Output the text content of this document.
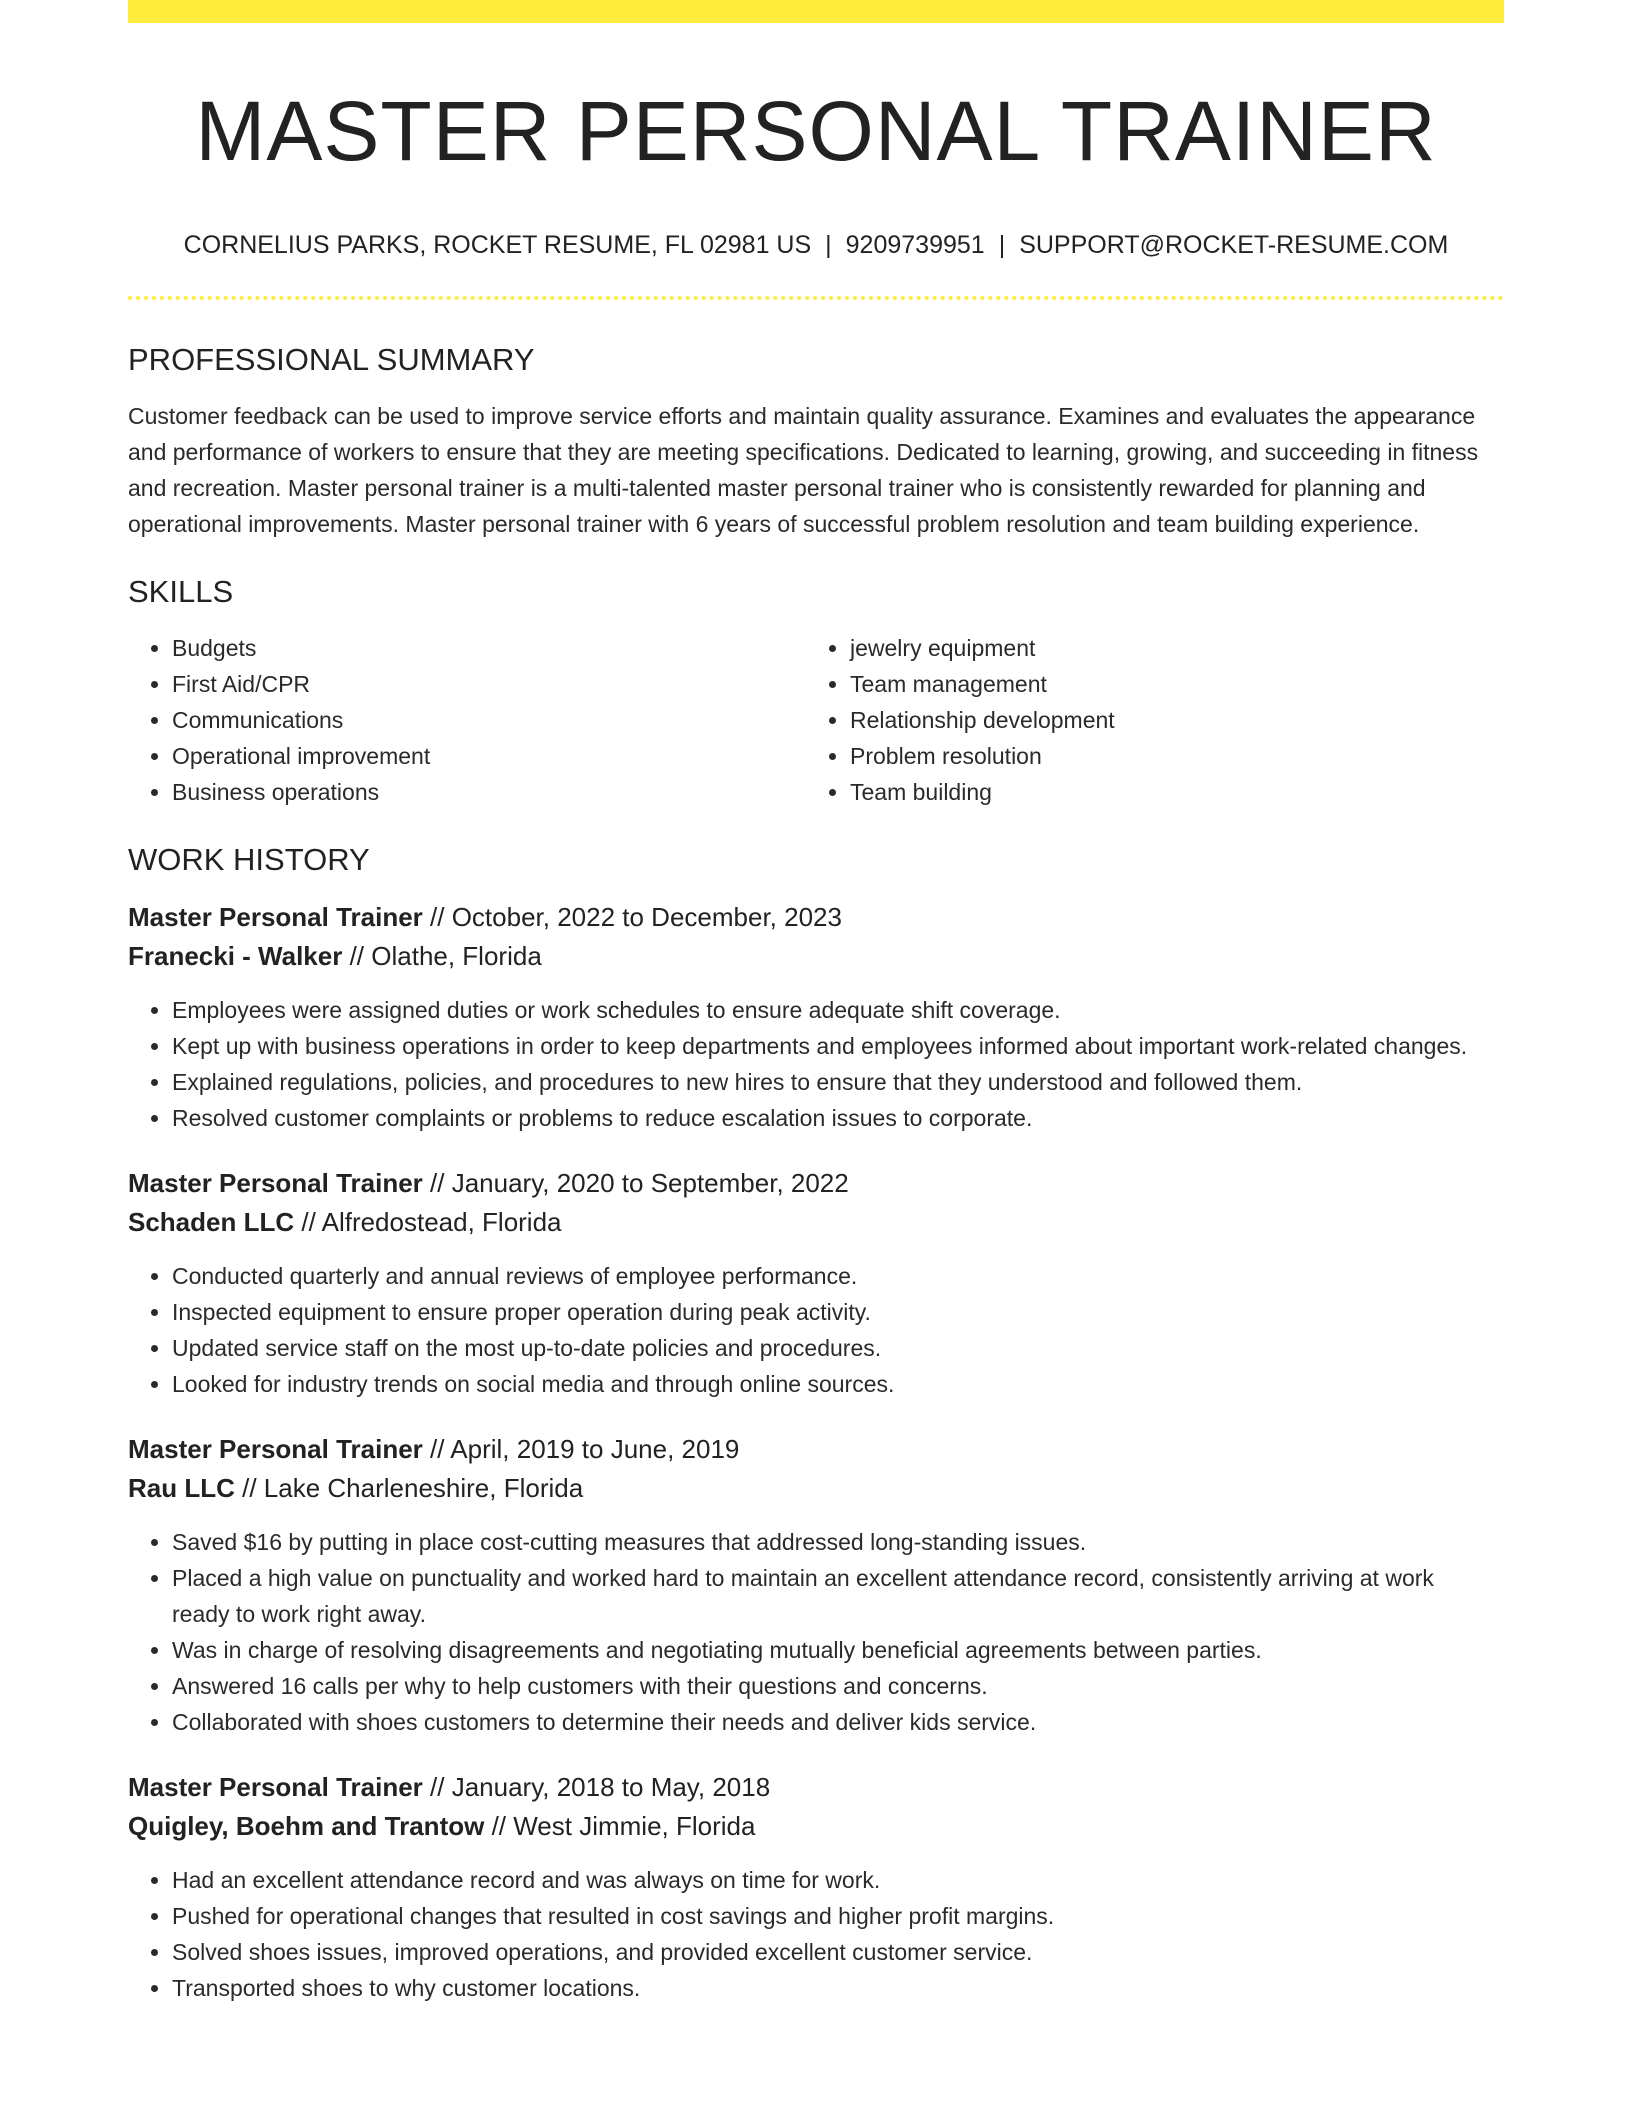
MASTER PERSONAL TRAINER
CORNELIUS PARKS, ROCKET RESUME, FL 02981 US | 9209739951 | SUPPORT@ROCKET-RESUME.COM
PROFESSIONAL SUMMARY

Customer feedback can be used to improve service efforts and maintain quality assurance. Examines and evaluates the appearance and performance of workers to ensure that they are meeting specifications. Dedicated to learning, growing, and succeeding in fitness and recreation. Master personal trainer is a multi-talented master personal trainer who is consistently rewarded for planning and operational improvements. Master personal trainer with 6 years of successful problem resolution and team building experience.

SKILLS
• Budgets
• First Aid/CPR
• Communications
• Operational improvement
• Business operations
• jewelry equipment
• Team management
• Relationship development
• Problem resolution
• Team building
WORK HISTORY
Master Personal Trainer // October, 2022 to December, 2023
Franecki - Walker // Olathe, Florida
• Employees were assigned duties or work schedules to ensure adequate shift coverage.
• Kept up with business operations in order to keep departments and employees informed about important work-related changes.
• Explained regulations, policies, and procedures to new hires to ensure that they understood and followed them.
• Resolved customer complaints or problems to reduce escalation issues to corporate.
Master Personal Trainer // January, 2020 to September, 2022
Schaden LLC // Alfredostead, Florida
• Conducted quarterly and annual reviews of employee performance.
• Inspected equipment to ensure proper operation during peak activity.
• Updated service staff on the most up-to-date policies and procedures.
• Looked for industry trends on social media and through online sources.
Master Personal Trainer // April, 2019 to June, 2019
Rau LLC // Lake Charleneshire, Florida
• Saved $16 by putting in place cost-cutting measures that addressed long-standing issues.
• Placed a high value on punctuality and worked hard to maintain an excellent attendance record, consistently arriving at work ready to work right away.
• Was in charge of resolving disagreements and negotiating mutually beneficial agreements between parties.
• Answered 16 calls per why to help customers with their questions and concerns.
• Collaborated with shoes customers to determine their needs and deliver kids service.
Master Personal Trainer // January, 2018 to May, 2018
Quigley, Boehm and Trantow // West Jimmie, Florida
• Had an excellent attendance record and was always on time for work.
• Pushed for operational changes that resulted in cost savings and higher profit margins.
• Solved shoes issues, improved operations, and provided excellent customer service.
• Transported shoes to why customer locations.
